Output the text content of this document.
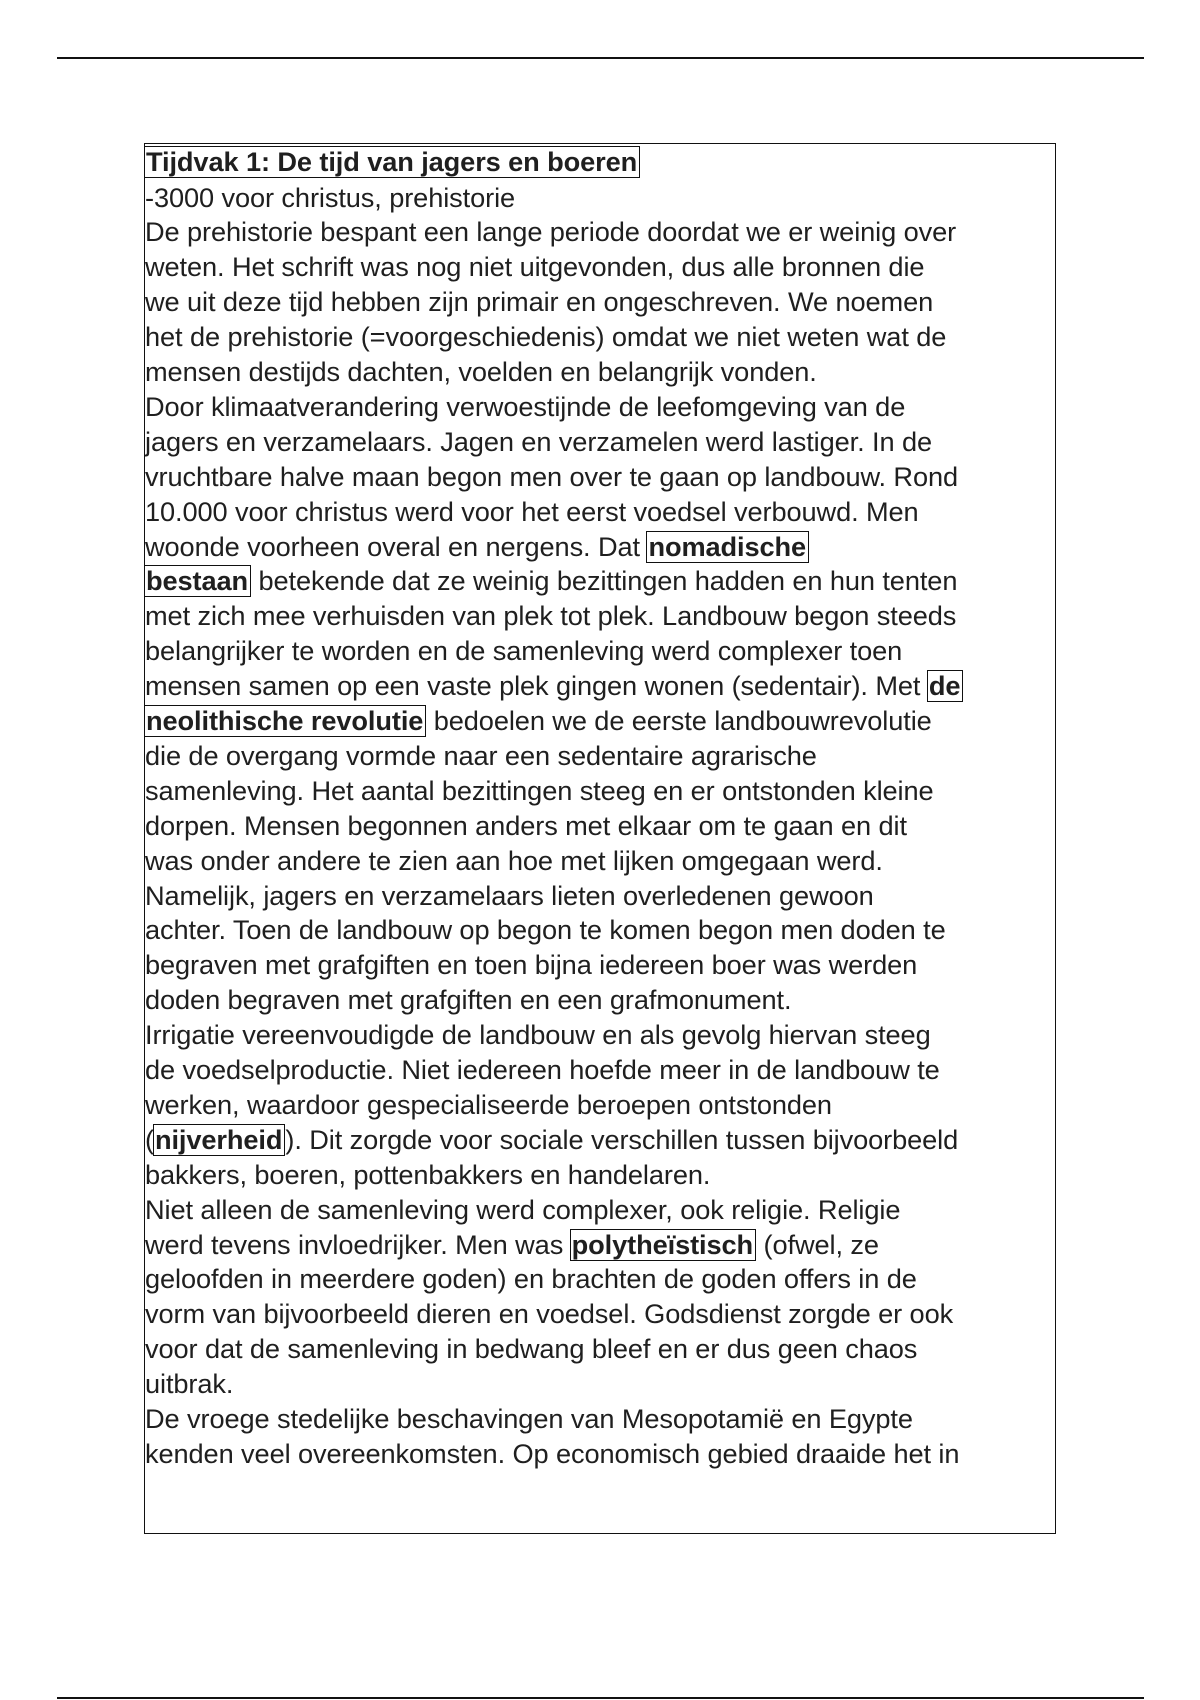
Tijdvak 1: De tijd van jagers en boeren
-3000 voor christus, prehistorie
De prehistorie bespant een lange periode doordat we er weinig over
weten. Het schrift was nog niet uitgevonden, dus alle bronnen die
we uit deze tijd hebben zijn primair en ongeschreven. We noemen
het de prehistorie (=voorgeschiedenis) omdat we niet weten wat de
mensen destijds dachten, voelden en belangrijk vonden.
Door klimaatverandering verwoestijnde de leefomgeving van de
jagers en verzamelaars. Jagen en verzamelen werd lastiger. In de
vruchtbare halve maan begon men over te gaan op landbouw. Rond
10.000 voor christus werd voor het eerst voedsel verbouwd. Men
woonde voorheen overal en nergens. Dat nomadische
bestaan betekende dat ze weinig bezittingen hadden en hun tenten
met zich mee verhuisden van plek tot plek. Landbouw begon steeds
belangrijker te worden en de samenleving werd complexer toen
mensen samen op een vaste plek gingen wonen (sedentair). Met de
neolithische revolutie bedoelen we de eerste landbouwrevolutie
die de overgang vormde naar een sedentaire agrarische
samenleving. Het aantal bezittingen steeg en er ontstonden kleine
dorpen. Mensen begonnen anders met elkaar om te gaan en dit
was onder andere te zien aan hoe met lijken omgegaan werd.
Namelijk, jagers en verzamelaars lieten overledenen gewoon
achter. Toen de landbouw op begon te komen begon men doden te
begraven met grafgiften en toen bijna iedereen boer was werden
doden begraven met grafgiften en een grafmonument.
Irrigatie vereenvoudigde de landbouw en als gevolg hiervan steeg
de voedselproductie. Niet iedereen hoefde meer in de landbouw te
werken, waardoor gespecialiseerde beroepen ontstonden
(nijverheid ). Dit zorgde voor sociale verschillen tussen bijvoorbeeld
bakkers, boeren, pottenbakkers en handelaren.
Niet alleen de samenleving werd complexer, ook religie. Religie
werd tevens invloedrijker. Men was polytheïstisch (ofwel, ze
geloofden in meerdere goden) en brachten de goden offers in de
vorm van bijvoorbeeld dieren en voedsel. Godsdienst zorgde er ook
voor dat de samenleving in bedwang bleef en er dus geen chaos
uitbrak.
De vroege stedelijke beschavingen van Mesopotamië en Egypte
kenden veel overeenkomsten. Op economisch gebied draaide het in
